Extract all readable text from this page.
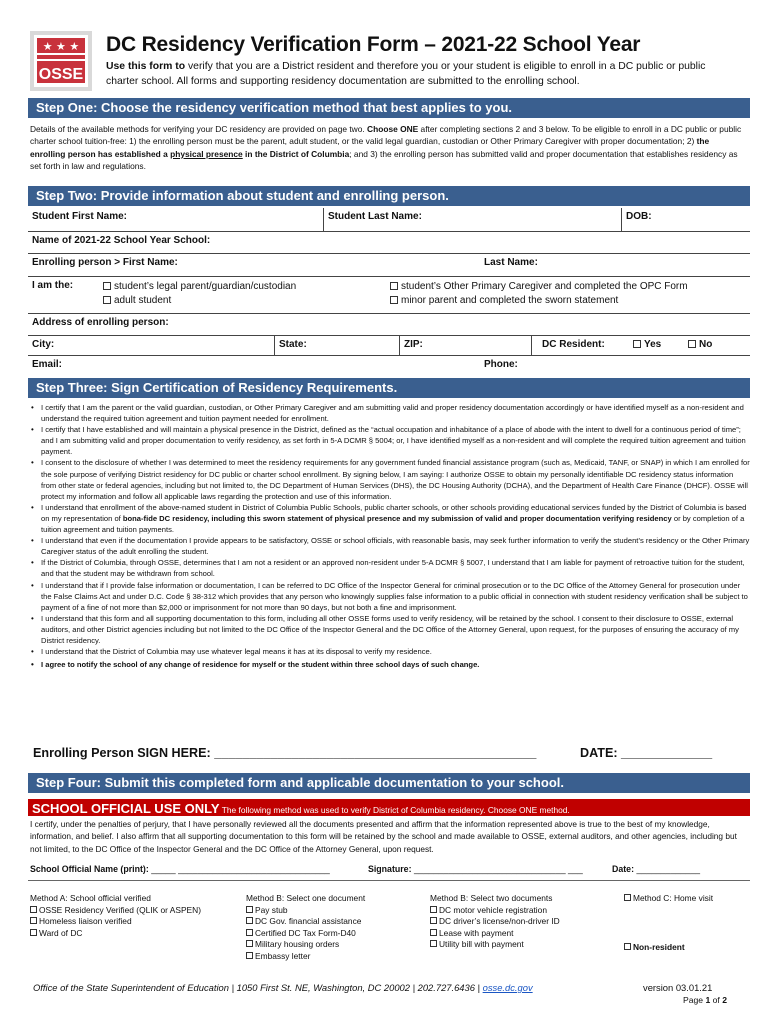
★ ★ ★
OSSE
DC Residency Verification Form – 2021-22 School Year
Use this form to verify that you are a District resident and therefore you or your student is eligible to enroll in a DC public or public charter school. All forms and supporting residency documentation are submitted to the enrolling school.
Step One: Choose the residency verification method that best applies to you.
Details of the available methods for verifying your DC residency are provided on page two. Choose ONE after completing sections 2 and 3 below. To be eligible to enroll in a DC public or public charter school tuition-free: 1) the enrolling person must be the parent, adult student, or the valid legal guardian, custodian or Other Primary Caregiver with proper documentation; 2) the enrolling person has established a physical presence in the District of Columbia; and 3) the enrolling person has submitted valid and proper documentation that establishes residency as set forth in law and regulations.
Step Two: Provide information about student and enrolling person.
Student First Name:	Student Last Name:	DOB:
Name of 2021-22 School Year School:
Enrolling person > First Name:	Last Name:
I am the:	student’s legal parent/guardian/custodian
adult student
student’s Other Primary Caregiver and completed the OPC Form
minor parent and completed the sworn statement
Address of enrolling person:
City:	State:	ZIP:	DC Resident:	Yes	No
Email:	Phone:
Step Three: Sign Certification of Residency Requirements.
• I certify that I am the parent or the valid guardian, custodian, or Other Primary Caregiver and am submitting valid and proper residency documentation accordingly or have identified myself as a non-resident and understand the required tuition agreement and tuition payment needed for enrollment.
• I certify that I have established and will maintain a physical presence in the District, defined as the “actual occupation and inhabitance of a place of abode with the intent to dwell for a continuous period of time”; and I am submitting valid and proper documentation to verify residency, as set forth in 5-A DCMR § 5004; or, I have identified myself as a non-resident and will complete the required tuition agreement and tuition payment.
• I consent to the disclosure of whether I was determined to meet the residency requirements for any government funded financial assistance program (such as, Medicaid, TANF, or SNAP) in which I am enrolled for the sole purpose of verifying District residency for DC public or charter school enrollment. By signing below, I am saying: I authorize OSSE to obtain my personally identifiable DC residency status information from other state or federal agencies, including but not limited to, the DC Department of Human Services (DHS), the DC Housing Authority (DCHA), and the Department of Health Care Finance (DHCF). OSSE will protect my information and follow all applicable laws regarding the protection and use of this information.
• I understand that enrollment of the above-named student in District of Columbia Public Schools, public charter schools, or other schools providing educational services funded by the District of Columbia is based on my representation of bona-fide DC residency, including this sworn statement of physical presence and my submission of valid and proper documentation verifying residency or by completion of a tuition agreement and tuition payments.
• I understand that even if the documentation I provide appears to be satisfactory, OSSE or school officials, with reasonable basis, may seek further information to verify the student’s residency or the Other Primary Caregiver status of the adult enrolling the student.
• If the District of Columbia, through OSSE, determines that I am not a resident or an approved non-resident under 5-A DCMR § 5007, I understand that I am liable for payment of retroactive tuition for the student, and that the student may be withdrawn from school.
• I understand that if I provide false information or documentation, I can be referred to DC Office of the Inspector General for criminal prosecution or to the DC Office of the Attorney General for prosecution under the False Claims Act and under D.C. Code § 38-312 which provides that any person who knowingly supplies false information to a public official in connection with student residency verification shall be subject to payment of a fine of not more than $2,000 or imprisonment for not more than 90 days, but not both a fine and imprisonment.
• I understand that this form and all supporting documentation to this form, including all other OSSE forms used to verify residency, will be retained by the school. I consent to their disclosure to OSSE, external auditors, and other District agencies including but not limited to the DC Office of the Inspector General and the DC Office of the Attorney General, upon request, for the purposes of ensuring the accuracy of my District residency.
• I understand that the District of Columbia may use whatever legal means it has at its disposal to verify my residence.
• I agree to notify the school of any change of residence for myself or the student within three school days of such change.
Enrolling Person SIGN HERE: ______________________________________________	DATE: _____________
Step Four: Submit this completed form and applicable documentation to your school.
SCHOOL OFFICIAL USE ONLY The following method was used to verify District of Columbia residency. Choose ONE method.
I certify, under the penalties of perjury, that I have personally reviewed all the documents presented and affirm that the information represented above is true to the best of my knowledge, information, and belief. I also affirm that all supporting documentation to this form will be retained by the school and made available to OSSE, external auditors, and other agencies, including but not limited, to the DC Office of the Inspector General and the DC Office of the Attorney General, upon request.
School Official Name (print): _____ _______________________________	Signature: _______________________________ ___	Date: _____________
Method A: School official verified
OSSE Residency Verified (QLIK or ASPEN)
Homeless liaison verified
Ward of DC
Method B: Select one document
Pay stub
DC Gov. financial assistance
Certified DC Tax Form-D40
Military housing orders
Embassy letter
Method B: Select two documents
DC motor vehicle registration
DC driver’s license/non-driver ID
Lease with payment
Utility bill with payment
Method C: Home visit
Non-resident
Office of the State Superintendent of Education | 1050 First St. NE, Washington, DC 20002 | 202.727.6436 | osse.dc.gov	version 03.01.21
Page 1 of 2
